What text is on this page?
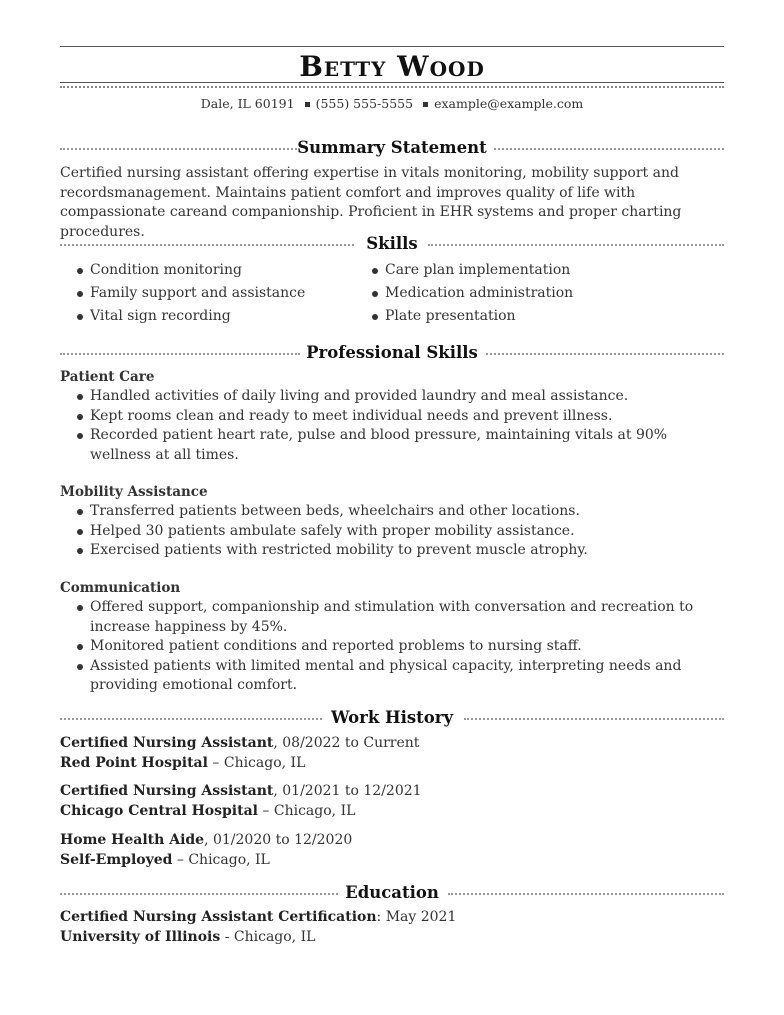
Betty Wood
Dale, IL 60191 (555) 555-5555 example@example.com
Summary Statement
Certified nursing assistant offering expertise in vitals monitoring, mobility support and recordsmanagement. Maintains patient comfort and improves quality of life with compassionate careand companionship. Proficient in EHR systems and proper charting procedures.
Skills
Condition monitoring
Family support and assistance
Vital sign recording
Care plan implementation
Medication administration
Plate presentation
Professional Skills
Patient Care
Handled activities of daily living and provided laundry and meal assistance.
Kept rooms clean and ready to meet individual needs and prevent illness.
Recorded patient heart rate, pulse and blood pressure, maintaining vitals at 90% wellness at all times.
Mobility Assistance
Transferred patients between beds, wheelchairs and other locations.
Helped 30 patients ambulate safely with proper mobility assistance.
Exercised patients with restricted mobility to prevent muscle atrophy.
Communication
Offered support, companionship and stimulation with conversation and recreation to increase happiness by 45%.
Monitored patient conditions and reported problems to nursing staff.
Assisted patients with limited mental and physical capacity, interpreting needs and providing emotional comfort.
Work History
Certified Nursing Assistant, 08/2022 to Current
Red Point Hospital – Chicago, IL
Certified Nursing Assistant, 01/2021 to 12/2021
Chicago Central Hospital – Chicago, IL
Home Health Aide, 01/2020 to 12/2020
Self-Employed – Chicago, IL
Education
Certified Nursing Assistant Certification: May 2021
University of Illinois - Chicago, IL
